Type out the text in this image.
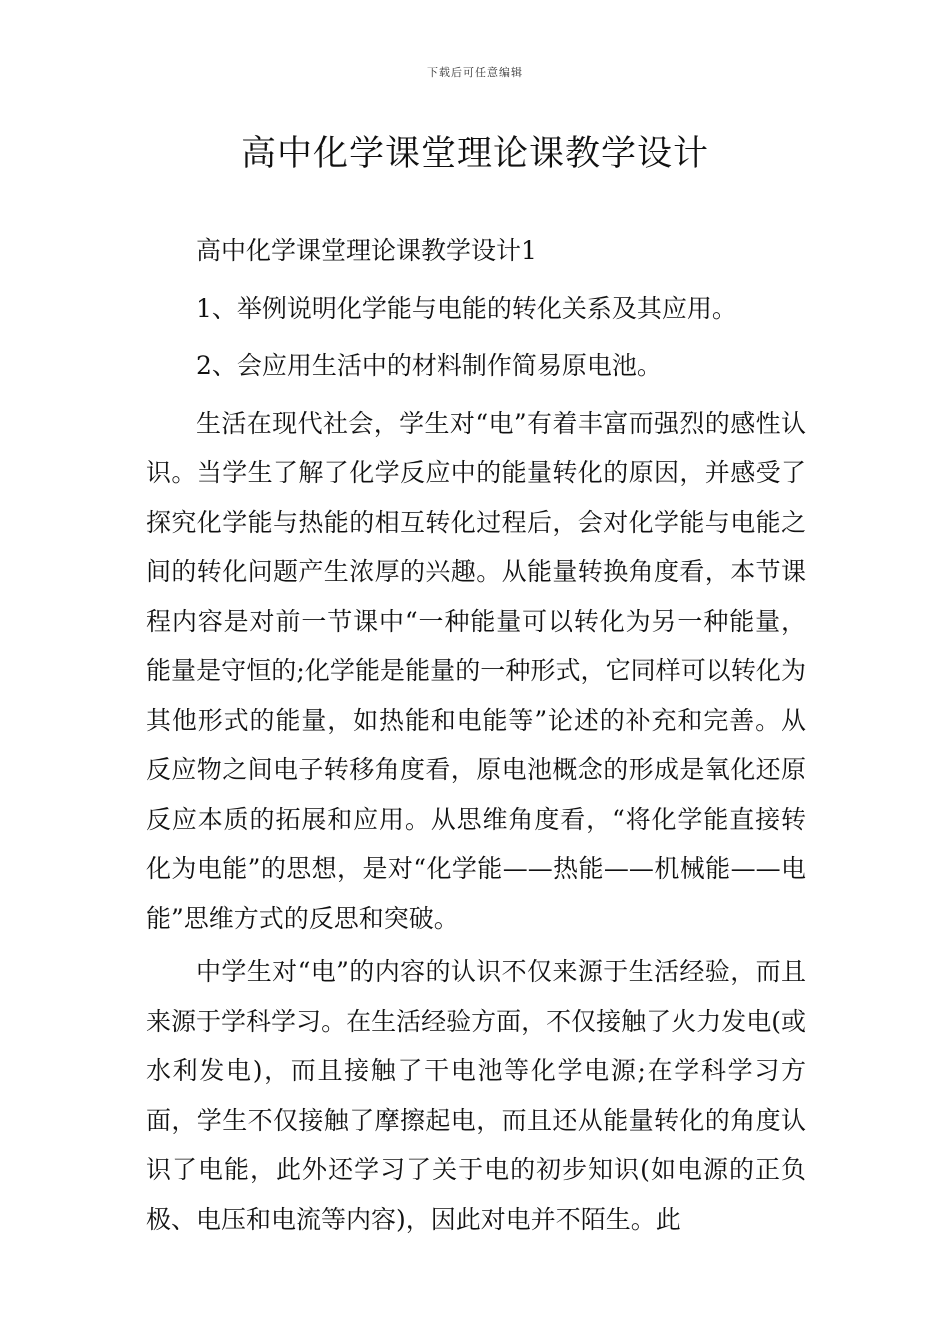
下载后可任意编辑
高中化学课堂理论课教学设计

高中化学课堂理论课教学设计1

1、举例说明化学能与电能的转化关系及其应用。

2、会应用生活中的材料制作简易原电池。

生活在现代社会，学生对“电”有着丰富而强烈的感性认识。当学生了解了化学反应中的能量转化的原因，并感受了探究化学能与热能的相互转化过程后，会对化学能与电能之间的转化问题产生浓厚的兴趣。从能量转换角度看，本节课程内容是对前一节课中“一种能量可以转化为另一种能量，能量是守恒的;化学能是能量的一种形式，它同样可以转化为其他形式的能量，如热能和电能等”论述的补充和完善。从反应物之间电子转移角度看，原电池概念的形成是氧化还原反应本质的拓展和应用。从思维角度看，“将化学能直接转化为电能”的思想，是对“化学能——热能——机械能——电能”思维方式的反思和突破。

中学生对“电”的内容的认识不仅来源于生活经验，而且来源于学科学习。在生活经验方面，不仅接触了火力发电(或水利发电)，而且接触了干电池等化学电源;在学科学习方面，学生不仅接触了摩擦起电，而且还从能量转化的角度认识了电能，此外还学习了关于电的初步知识(如电源的正负极、电压和电流等内容)，因此对电并不陌生。此
